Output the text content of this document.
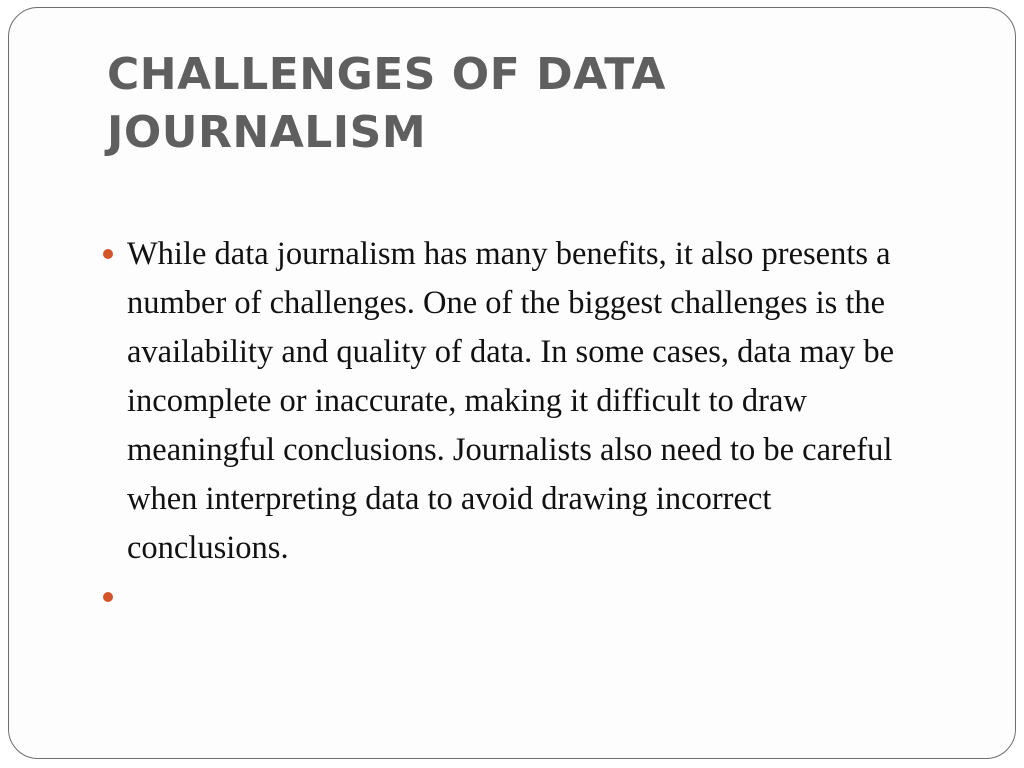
CHALLENGES OF DATA JOURNALISM
While data journalism has many benefits, it also presents a number of challenges. One of the biggest challenges is the availability and quality of data. In some cases, data may be incomplete or inaccurate, making it difficult to draw meaningful conclusions. Journalists also need to be careful when interpreting data to avoid drawing incorrect conclusions.
